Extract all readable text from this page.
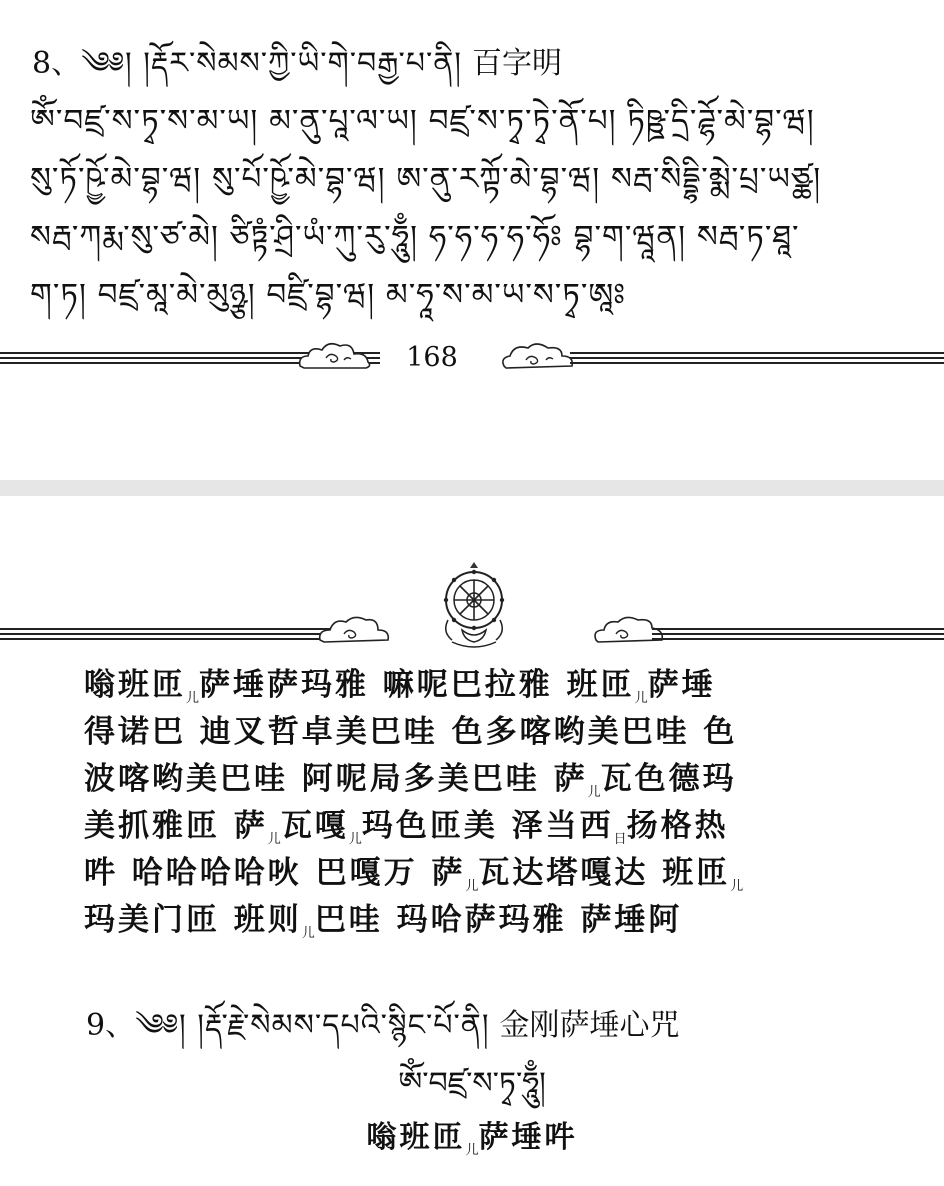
8、༄༅། །རྡོར་སེམས་ཀྱི་ཡི་གེ་བརྒྱ་པ་ནི། 百字明
ཨོཾ་བཛྲ་ས་ཏྭ་ས་མ་ཡ། མ་ནུ་པཱ་ལ་ཡ། བཛྲ་ས་ཏྭ་ཏྭེ་ནོ་པ། ཏིཥྛ་དྲི་ཌྷོ་མེ་བྷ་ཝ།
སུ་ཏོ་ཥྱོ་མེ་བྷ་ཝ། སུ་པོ་ཥྱོ་མེ་བྷ་ཝ། ཨ་ནུ་རཀྟོ་མེ་བྷ་ཝ། སརྦ་སིདྡྷི་མྨེ་པྲ་ཡཙྪ།
སརྦ་ཀརྨ་སུ་ཙ་མེ། ཙིཏྟཾ་ཤྲི་ཡཾ་ཀུ་རུ་ཧཱུྃ། ཧ་ཧ་ཧ་ཧ་ཧོཿ བྷ་ག་ཝཱན། སརྦ་ཏ་ཐཱ་
ག་ཏ། བཛྲ་མཱ་མེ་མུཉྩ། བཛྲི་བྷ་ཝ། མ་ཧཱ་ས་མ་ཡ་ས་ཏྭ་ཨཱཿ
168
嗡班匝$_儿$萨埵萨玛雅 嘛呢巴拉雅 班匝$_儿$萨埵
得诺巴 迪叉哲卓美巴哇 色多喀哟美巴哇 色
波喀哟美巴哇 阿呢局多美巴哇 萨$_儿$瓦色德玛
美抓雅匝 萨$_儿$瓦嘎$_儿$玛色匝美 泽当西$_日$扬格热
吽 哈哈哈哈吙 巴嘎万 萨$_儿$瓦达塔嘎达 班匝$_儿$
玛美门匝 班则$_儿$巴哇 玛哈萨玛雅 萨埵阿
9、༄༅། །རྡོ་རྗེ་སེམས་དཔའི་སྙིང་པོ་ནི། 金刚萨埵心咒
ཨོཾ་བཛྲ་ས་ཏྭ་ཧཱུྃ།
嗡班匝$_儿$萨埵吽
